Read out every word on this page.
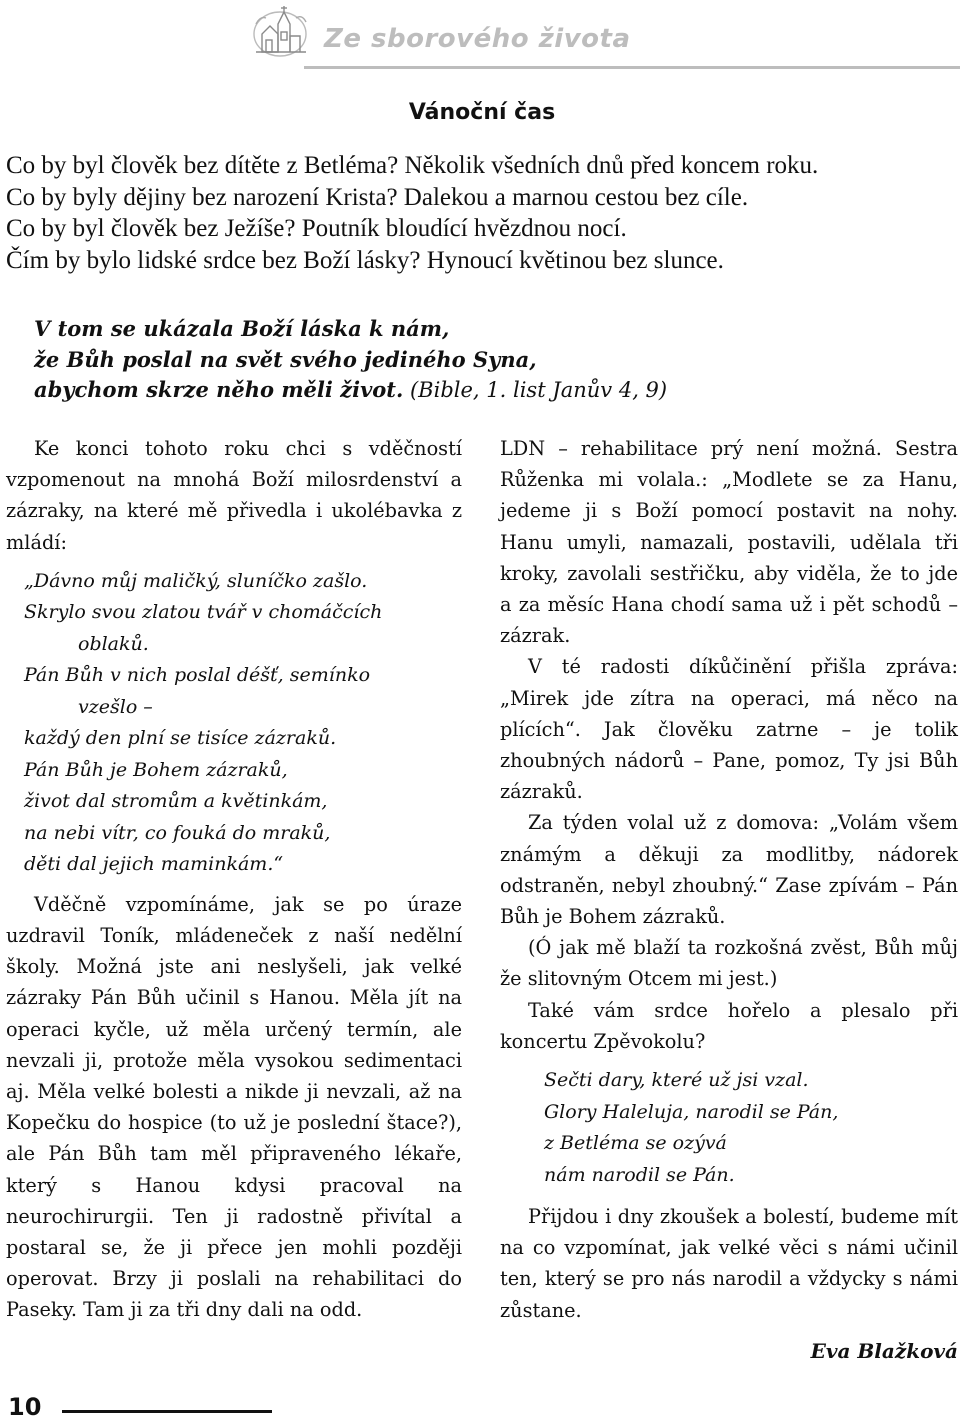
Ze sborového života
Vánoční čas
Co by byl člověk bez dítěte z Betléma? Několik všedních dnů před koncem roku.
Co by byly dějiny bez narození Krista? Dalekou a marnou cestou bez cíle.
Co by byl člověk bez Ježíše? Poutník bloudící hvězdnou nocí.
Čím by bylo lidské srdce bez Boží lásky? Hynoucí květinou bez slunce.
V tom se ukázala Boží láska k nám,
že Bůh poslal na svět svého jediného Syna,
abychom skrze něho měli život. (Bible, 1. list Janův 4, 9)

Ke konci tohoto roku chci s vděčností vzpomenout na mnohá Boží milosrdenství a zázraky, na které mě přivedla i ukolébavka z mládí:

„Dávno můj maličký, sluníčko zašlo.
Skrylo svou zlatou tvář v chomáčcích
oblaků.
Pán Bůh v nich poslal déšť, semínko
vzešlo –
každý den plní se tisíce zázraků.
Pán Bůh je Bohem zázraků,
život dal stromům a květinkám,
na nebi vítr, co fouká do mraků,
děti dal jejich maminkám.“

Vděčně vzpomínáme, jak se po úraze uzdravil Toník, mládeneček z naší nedělní školy. Možná jste ani neslyšeli, jak velké zázraky Pán Bůh učinil s Hanou. Měla jít na operaci kyčle, už měla určený termín, ale nevzali ji, protože měla vysokou sedimentaci aj. Měla velké bolesti a nikde ji nevzali, až na Kopečku do hospice (to už je poslední štace?), ale Pán Bůh tam měl připraveného lékaře, který s Hanou kdysi pracoval na neurochirurgii. Ten ji radostně přivítal a postaral se, že ji přece jen mohli později operovat. Brzy ji poslali na rehabilitaci do Paseky. Tam ji za tři dny dali na odd.

LDN – rehabilitace prý není možná. Sestra Růženka mi volala.: „Modlete se za Hanu, jedeme ji s Boží pomocí postavit na nohy. Hanu umyli, namazali, postavili, udělala tři kroky, zavolali sestřičku, aby viděla, že to jde a za měsíc Hana chodí sama už i pět schodů – zázrak.

V té radosti díkůčinění přišla zpráva: „Mirek jde zítra na operaci, má něco na plících“. Jak člověku zatrne – je tolik zhoubných nádorů – Pane, pomoz, Ty jsi Bůh zázraků.

Za týden volal už z domova: „Volám všem známým a děkuji za modlitby, nádorek odstraněn, nebyl zhoubný.“ Zase zpívám – Pán Bůh je Bohem zázraků.

(Ó jak mě blaží ta rozkošná zvěst, Bůh můj že slitovným Otcem mi jest.)

Také vám srdce hořelo a plesalo při koncertu Zpěvokolu?

Sečti dary, které už jsi vzal.
Glory Haleluja, narodil se Pán,
z Betléma se ozývá
nám narodil se Pán.

Přijdou i dny zkoušek a bolestí, budeme mít na co vzpomínat, jak velké věci s námi učinil ten, který se pro nás narodil a vždycky s námi zůstane.

Eva Blažková
10
